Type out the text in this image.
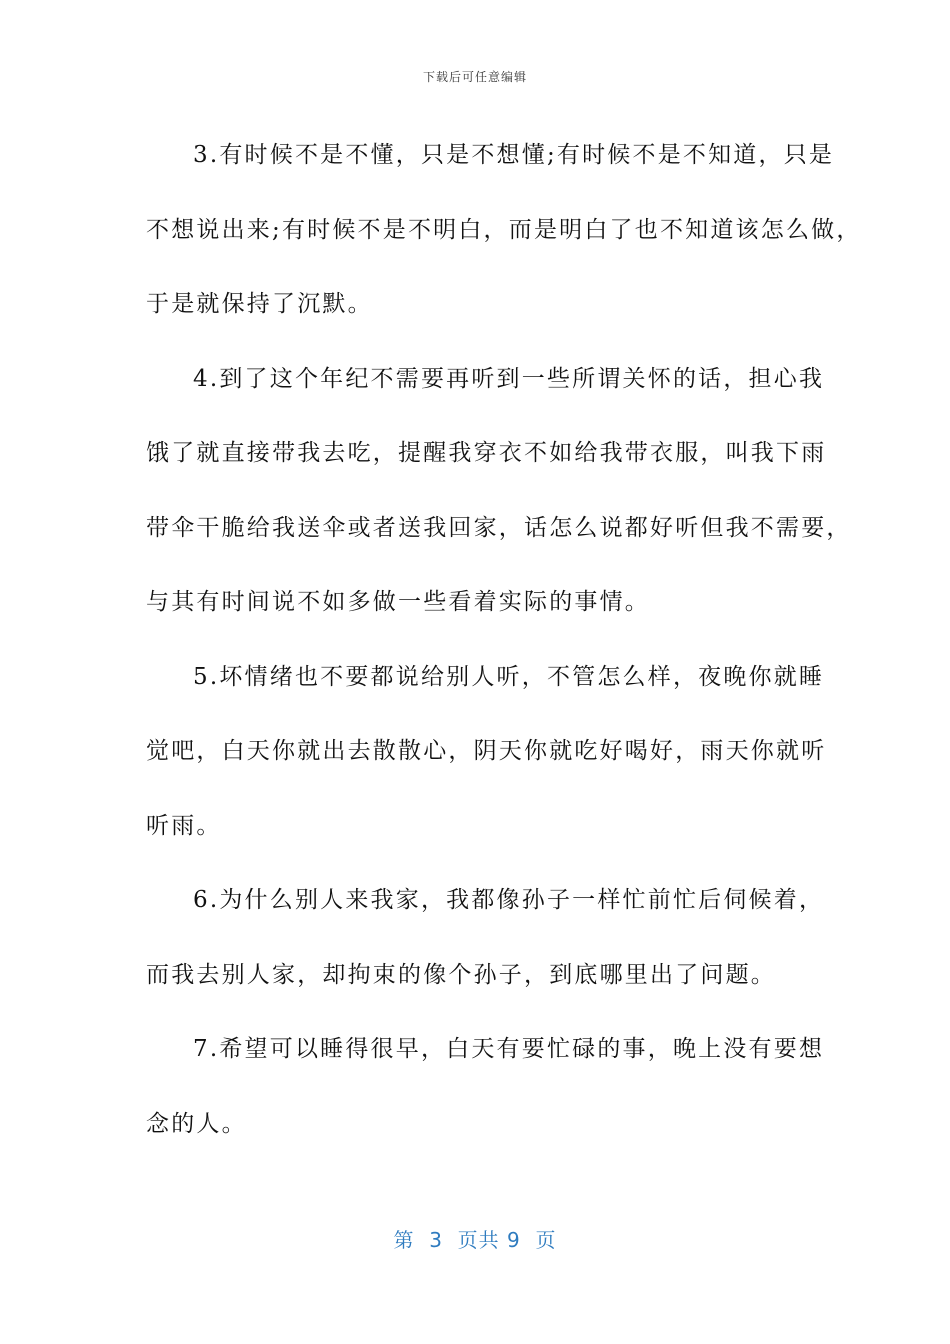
下载后可任意编辑

3.有时候不是不懂，只是不想懂;有时候不是不知道，只是
不想说出来;有时候不是不明白，而是明白了也不知道该怎么做，
于是就保持了沉默。

4.到了这个年纪不需要再听到一些所谓关怀的话，担心我
饿了就直接带我去吃，提醒我穿衣不如给我带衣服，叫我下雨
带伞干脆给我送伞或者送我回家，话怎么说都好听但我不需要，
与其有时间说不如多做一些看着实际的事情。

5.坏情绪也不要都说给别人听，不管怎么样，夜晚你就睡
觉吧，白天你就出去散散心，阴天你就吃好喝好，雨天你就听
听雨。

6.为什么别人来我家，我都像孙子一样忙前忙后伺候着，
而我去别人家，却拘束的像个孙子，到底哪里出了问题。

7.希望可以睡得很早，白天有要忙碌的事，晚上没有要想
念的人。

第  3  页共 9  页
